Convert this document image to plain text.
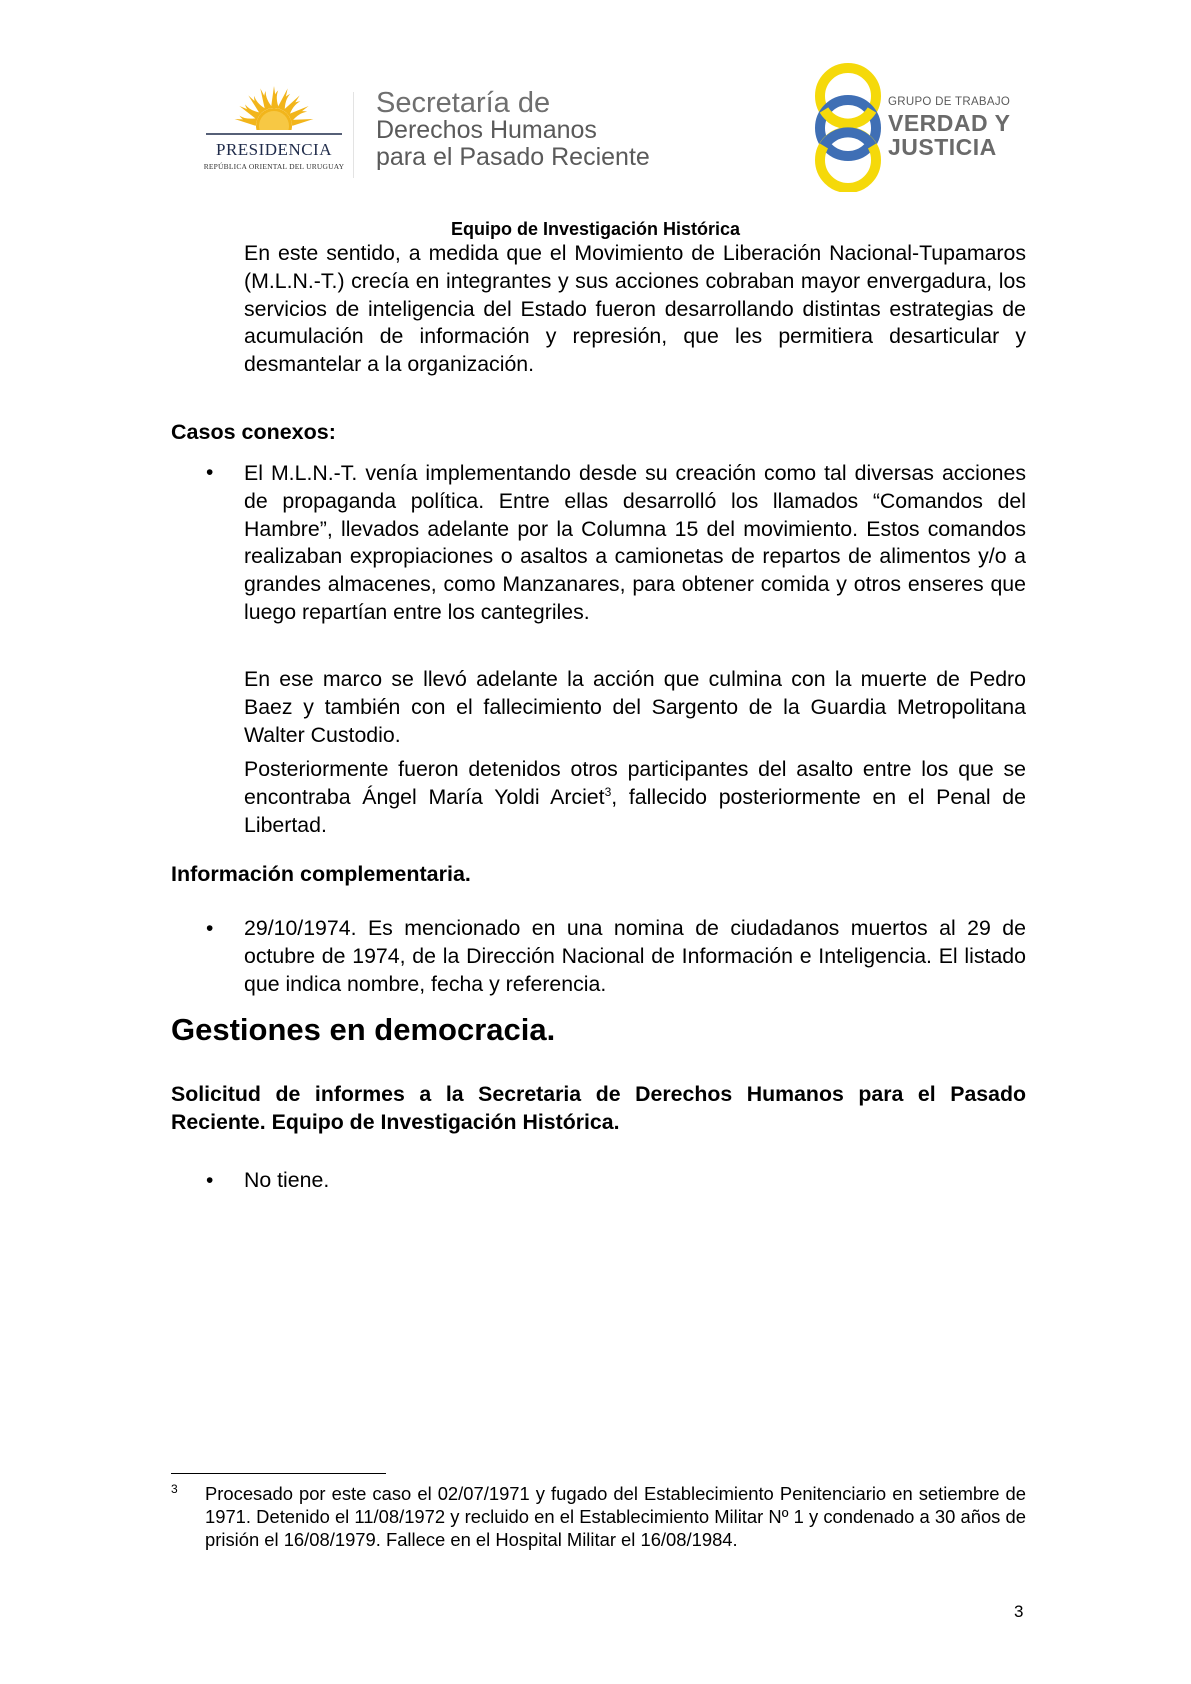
PRESIDENCIA
REPÚBLICA ORIENTAL DEL URUGUAY
Secretaría de
Derechos Humanos
para el Pasado Reciente
GRUPO DE TRABAJO
VERDAD Y
JUSTICIA
Equipo de Investigación Histórica
En este sentido, a medida que el Movimiento de Liberación Nacional-Tupamaros (M.L.N.-T.) crecía en integrantes y sus acciones cobraban mayor envergadura, los servicios de inteligencia del Estado fueron desarrollando distintas estrategias de acumulación de información y represión, que les permitiera desarticular y desmantelar a la organización.
Casos conexos:
• El M.L.N.-T. venía implementando desde su creación como tal diversas acciones de propaganda política. Entre ellas desarrolló los llamados “Comandos del Hambre”, llevados adelante por la Columna 15 del movimiento. Estos comandos realizaban expropiaciones o asaltos a camionetas de repartos de alimentos y/o a grandes almacenes, como Manzanares, para obtener comida y otros enseres que luego repartían entre los cantegriles.
En ese marco se llevó adelante la acción que culmina con la muerte de Pedro Baez y también con el fallecimiento del Sargento de la Guardia Metropolitana Walter Custodio.
Posteriormente fueron detenidos otros participantes del asalto entre los que se encontraba Ángel María Yoldi Arciet$^3$, fallecido posteriormente en el Penal de Libertad.
Información complementaria.
• 29/10/1974. Es mencionado en una nomina de ciudadanos muertos al 29 de octubre de 1974, de la Dirección Nacional de Información e Inteligencia. El listado que indica nombre, fecha y referencia.
Gestiones en democracia.
Solicitud de informes a la Secretaria de Derechos Humanos para el Pasado Reciente. Equipo de Investigación Histórica.
• No tiene.
3 Procesado por este caso el 02/07/1971 y fugado del Establecimiento Penitenciario en setiembre de 1971. Detenido el 11/08/1972 y recluido en el Establecimiento Militar Nº 1 y condenado a 30 años de prisión el 16/08/1979. Fallece en el Hospital Militar el 16/08/1984.
3
